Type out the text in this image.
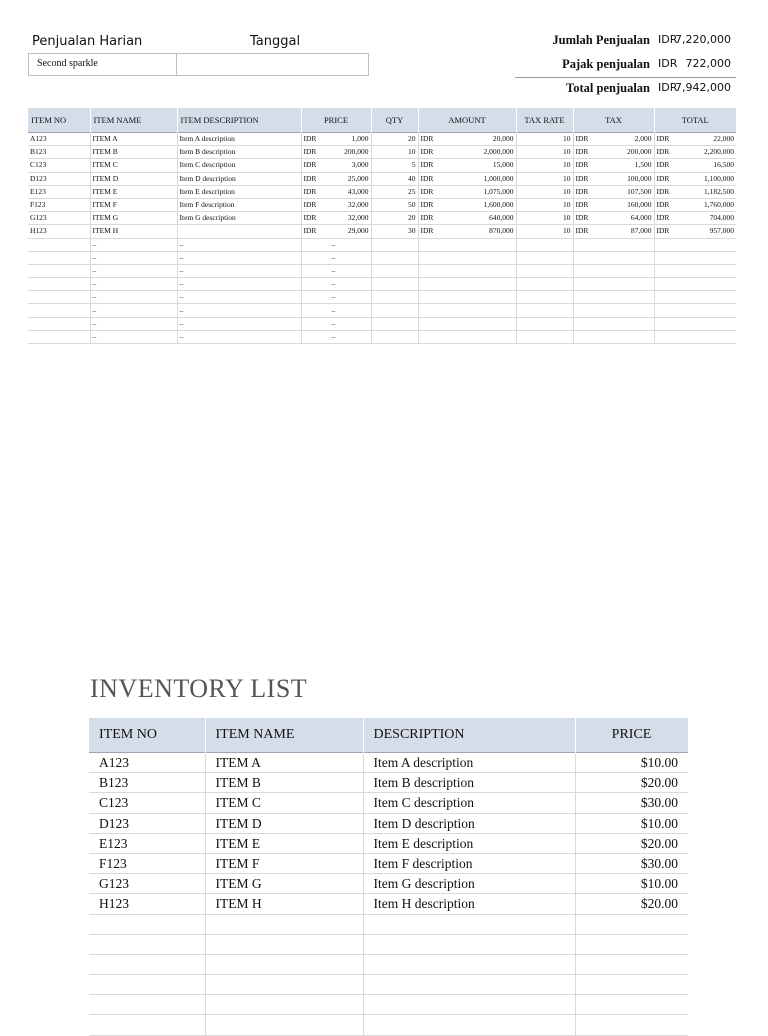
Penjualan Harian	Tanggal
Second sparkle
Jumlah Penjualan IDR
7,220,000
Pajak penjualan IDR 722,000
Total penjualan IDR
7,942,000
ITEM NO	ITEM NAME	ITEM DESCRIPTION	PRICE	QTY	AMOUNT	TAX RATE	TAX	TOTAL
A123	ITEM A	Item A description	IDR 1,000	20	IDR 20,000	10	IDR 2,000	IDR 22,000

B123	ITEM B	Item B description	IDR 200,000	10	IDR 2,000,000	10	IDR 200,000	IDR 2,200,000

C123	ITEM C	Item C description	IDR 3,000	5	IDR 15,000	10	IDR 1,500	IDR 16,500

D123	ITEM D	Item D description	IDR 25,000	40	IDR 1,000,000	10	IDR 100,000	IDR 1,100,000

E123	ITEM E	Item E description	IDR 43,000	25	IDR 1,075,000	10	IDR 107,500	IDR 1,182,500

F123	ITEM F	Item F description	IDR 32,000	50	IDR 1,600,000	10	IDR 160,000	IDR 1,760,000

G123	ITEM G	Item G description	IDR 32,000	20	IDR 640,000	10	IDR 64,000	IDR 704,000

H123	ITEM H		IDR 29,000	30	IDR 870,000	10	IDR 87,000	IDR 957,000

	–	–	–					
	–	–	–					
	–	–	–					
	–	–	–					
	–	–	–					
	–	–	–					
	–	–	–					
	–	–	–					
INVENTORY LIST
ITEM NO	ITEM NAME	DESCRIPTION	PRICE
A123	ITEM A	Item A description	$10.00
B123	ITEM B	Item B description	$20.00
C123	ITEM C	Item C description	$30.00
D123	ITEM D	Item D description	$10.00
E123	ITEM E	Item E description	$20.00
F123	ITEM F	Item F description	$30.00
G123	ITEM G	Item G description	$10.00
H123	ITEM H	Item H description	$20.00
